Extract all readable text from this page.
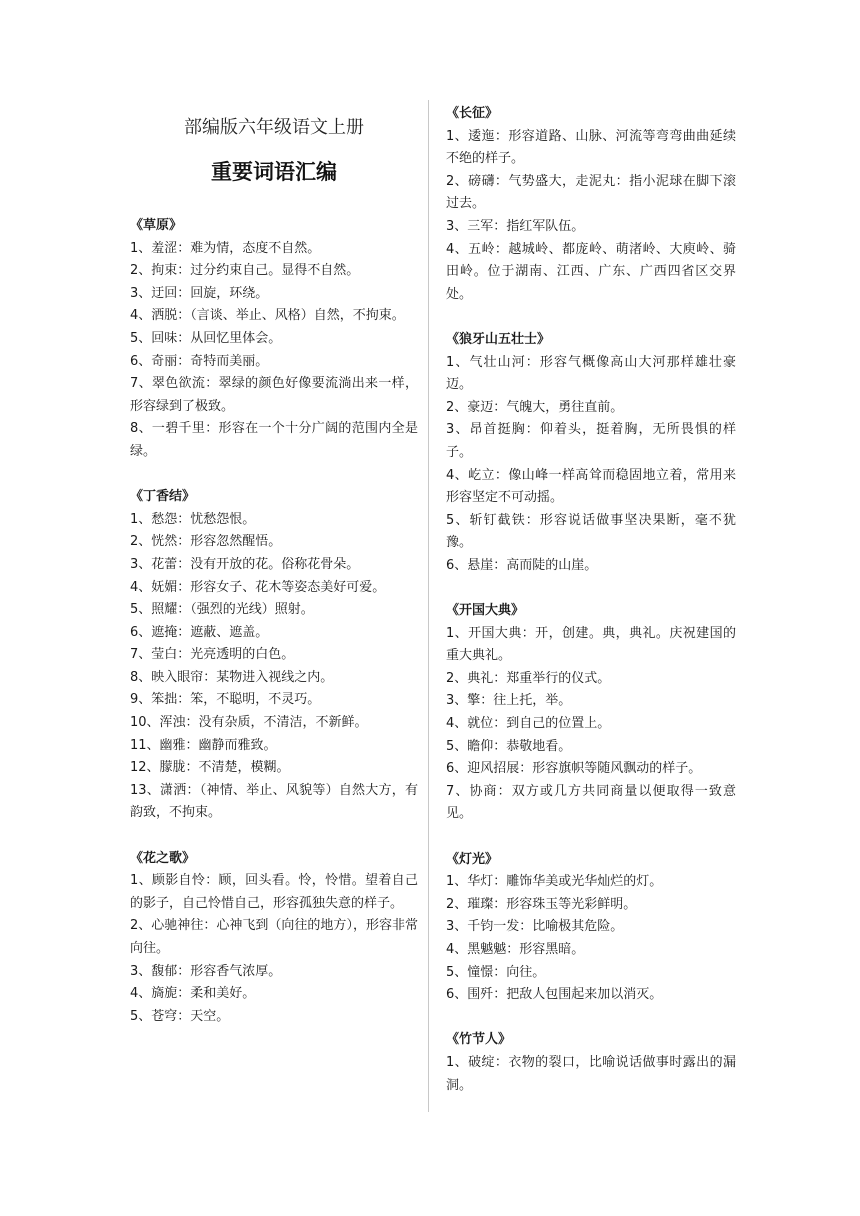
部编版六年级语文上册
重要词语汇编

《草原》

1、羞涩：难为情，态度不自然。

2、拘束：过分约束自己。显得不自然。

3、迂回：回旋，环绕。

4、洒脱：（言谈、举止、风格）自然，不拘束。

5、回味：从回忆里体会。

6、奇丽：奇特而美丽。

7、翠色欲流：翠绿的颜色好像要流淌出来一样，形容绿到了极致。

8、一碧千里：形容在一个十分广阔的范围内全是绿。

《丁香结》

1、愁怨：忧愁怨恨。

2、恍然：形容忽然醒悟。

3、花蕾：没有开放的花。俗称花骨朵。

4、妩媚：形容女子、花木等姿态美好可爱。

5、照耀：（强烈的光线）照射。

6、遮掩：遮蔽、遮盖。

7、莹白：光亮透明的白色。

8、映入眼帘：某物进入视线之内。

9、笨拙：笨，不聪明，不灵巧。

10、浑浊：没有杂质，不清洁，不新鲜。

11、幽雅：幽静而雅致。

12、朦胧：不清楚，模糊。

13、潇洒：（神情、举止、风貌等）自然大方，有韵致，不拘束。

《花之歌》

1、顾影自怜：顾，回头看。怜，怜惜。望着自己的影子，自己怜惜自己，形容孤独失意的样子。

2、心驰神往：心神飞到（向往的地方），形容非常向往。

3、馥郁：形容香气浓厚。

4、旖旎：柔和美好。

5、苍穹：天空。

《长征》

1、逶迤：形容道路、山脉、河流等弯弯曲曲延续不绝的样子。

2、磅礴：气势盛大，走泥丸：指小泥球在脚下滚过去。

3、三军：指红军队伍。

4、五岭：越城岭、都庞岭、萌渚岭、大庾岭、骑田岭。位于湖南、江西、广东、广西四省区交界处。

《狼牙山五壮士》

1、气壮山河：形容气概像高山大河那样雄壮豪迈。

2、豪迈：气魄大，勇往直前。

3、昂首挺胸：仰着头，挺着胸，无所畏惧的样子。

4、屹立：像山峰一样高耸而稳固地立着，常用来形容坚定不可动摇。

5、斩钉截铁：形容说话做事坚决果断，毫不犹豫。

6、悬崖：高而陡的山崖。

《开国大典》

1、开国大典：开，创建。典，典礼。庆祝建国的重大典礼。

2、典礼：郑重举行的仪式。

3、擎：往上托，举。

4、就位：到自己的位置上。

5、瞻仰：恭敬地看。

6、迎风招展：形容旗帜等随风飘动的样子。

7、协商：双方或几方共同商量以便取得一致意见。

《灯光》

1、华灯：雕饰华美或光华灿烂的灯。

2、璀璨：形容珠玉等光彩鲜明。

3、千钧一发：比喻极其危险。

4、黑魆魆：形容黑暗。

5、憧憬：向往。

6、围歼：把敌人包围起来加以消灭。

《竹节人》

1、破绽：衣物的裂口，比喻说话做事时露出的漏洞。
